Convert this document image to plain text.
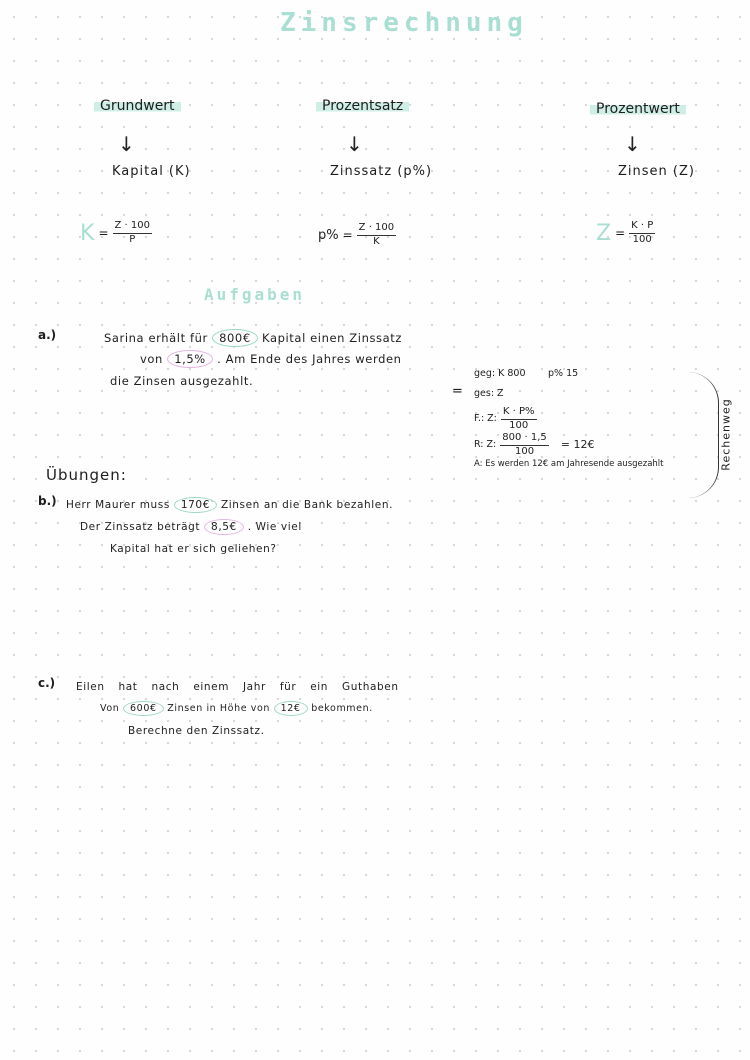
Zinsrechnung
Grundwert
↓
Kapital (K)
$K = \frac{Z \cdot 100}{P}$
Prozentsatz
↓
Zinssatz (p%)
$p\% = \frac{Z \cdot 100}{K}$
Prozentwert
↓
Zinsen (Z)
$Z = \frac{K \cdot P}{100}$
Aufgaben
a.)	Sarina erhält für 800€ Kapital einen Zinssatz
von 1,5% . Am Ende des Jahres werden
die Zinsen ausgezahlt.
=
geg: K 800 p% 15
ges: Z
F.: Z: $\frac{K \cdot P\%}{100}$
R: Z: $\frac{800 \cdot 1,5}{100}$ = 12€
A: Es werden 12€ am Jahresende ausgezahlt	Rechenweg
Übungen:
b.) Herr Maurer muss 170€ Zinsen an die Bank bezahlen.
Der Zinssatz beträgt 8,5€ . Wie viel
Kapital hat er sich geliehen?
c.) Eilen hat nach einem Jahr für ein Guthaben
Von 600€ Zinsen in Höhe von 12€ bekommen.
Berechne den Zinssatz.
